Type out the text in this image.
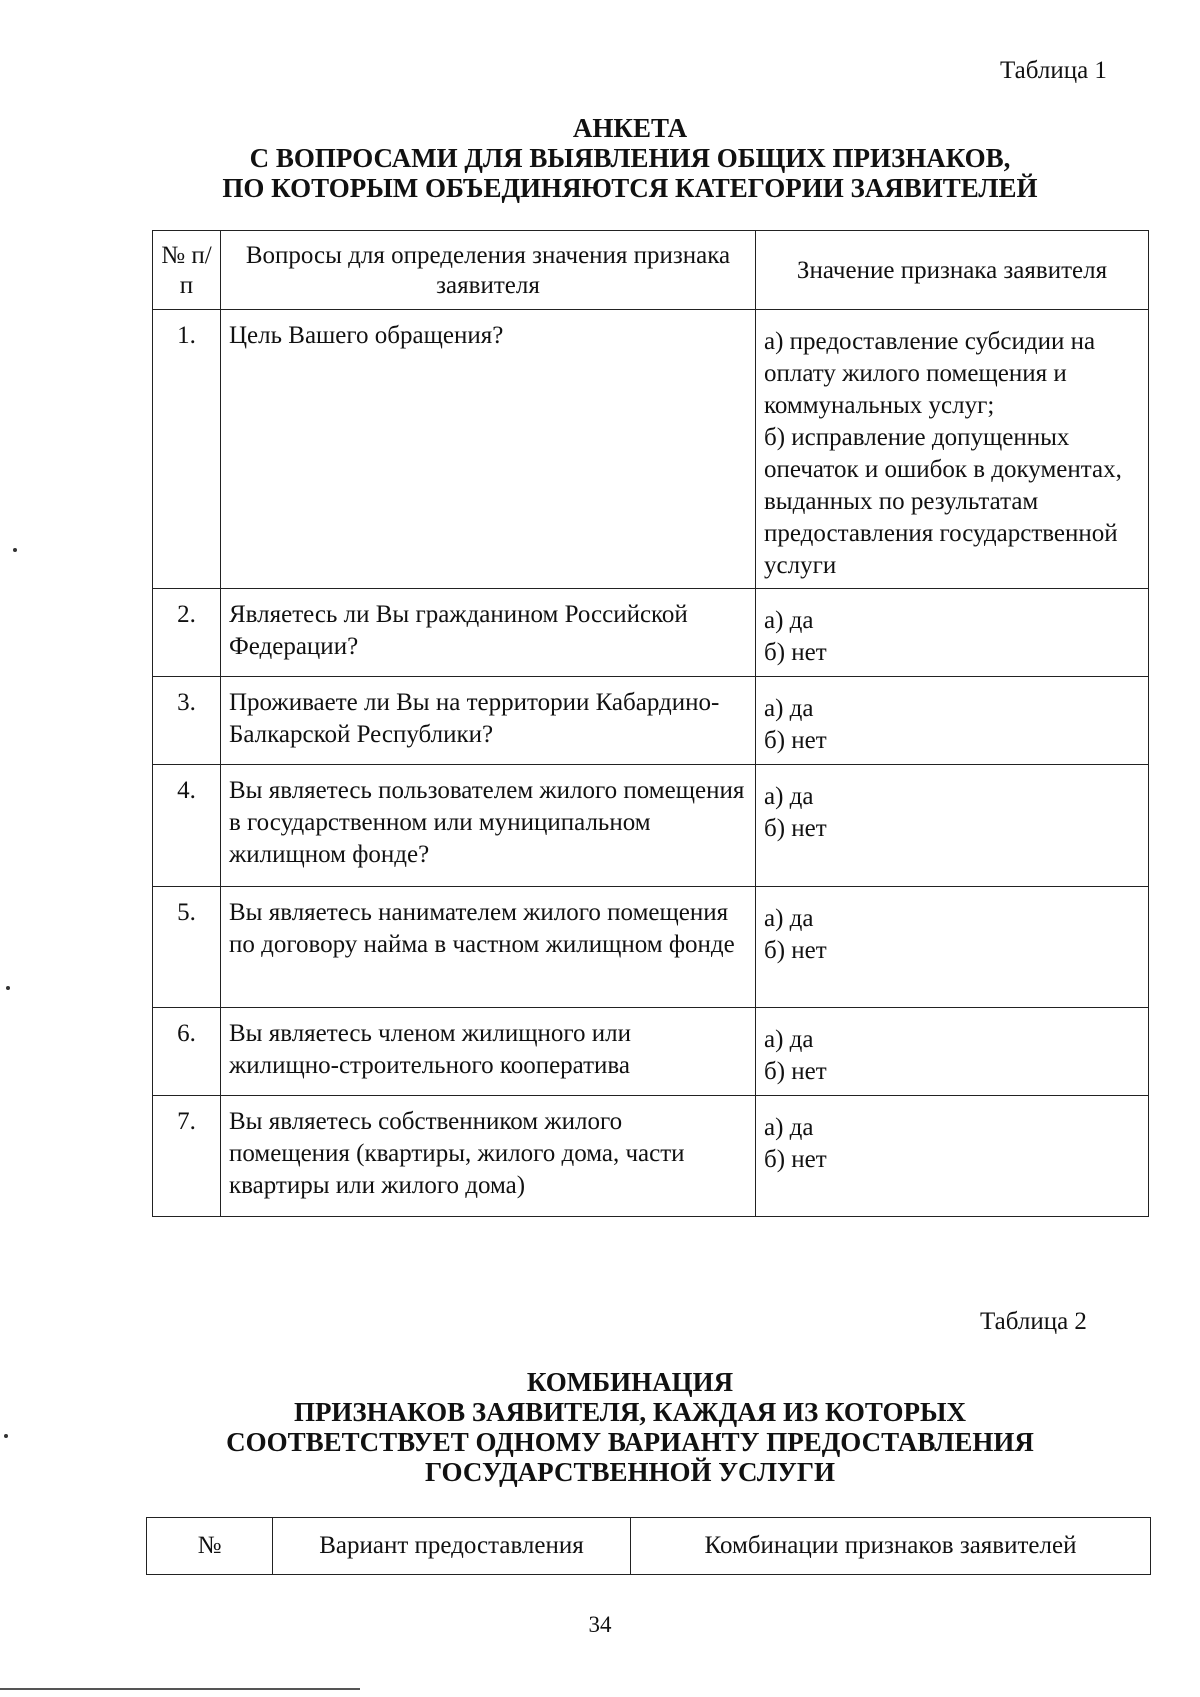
Таблица 1
АНКЕТА
С ВОПРОСАМИ ДЛЯ ВЫЯВЛЕНИЯ ОБЩИХ ПРИЗНАКОВ,
ПО КОТОРЫМ ОБЪЕДИНЯЮТСЯ КАТЕГОРИИ ЗАЯВИТЕЛЕЙ
№ п/п	Вопросы для определения значения признака заявителя	Значение признака заявителя
1.	Цель Вашего обращения?	а) предоставление субсидии на оплату жилого помещения и коммунальных услуг;
б) исправление допущенных опечаток и ошибок в документах, выданных по результатам предоставления государственной услуги
2.	Являетесь ли Вы гражданином Российской Федерации?	а) да
б) нет
3.	Проживаете ли Вы на территории Кабардино-Балкарской Республики?	а) да
б) нет
4.	Вы являетесь пользователем жилого помещения в государственном или муниципальном жилищном фонде?	а) да
б) нет
5.	Вы являетесь нанимателем жилого помещения по договору найма в частном жилищном фонде	а) да
б) нет
6.	Вы являетесь членом жилищного или жилищно-строительного кооператива	а) да
б) нет
7.	Вы являетесь собственником жилого помещения (квартиры, жилого дома, части квартиры или жилого дома)	а) да
б) нет
Таблица 2
КОМБИНАЦИЯ
ПРИЗНАКОВ ЗАЯВИТЕЛЯ, КАЖДАЯ ИЗ КОТОРЫХ
СООТВЕТСТВУЕТ ОДНОМУ ВАРИАНТУ ПРЕДОСТАВЛЕНИЯ
ГОСУДАРСТВЕННОЙ УСЛУГИ
№	Вариант предоставления	Комбинации признаков заявителей
34
